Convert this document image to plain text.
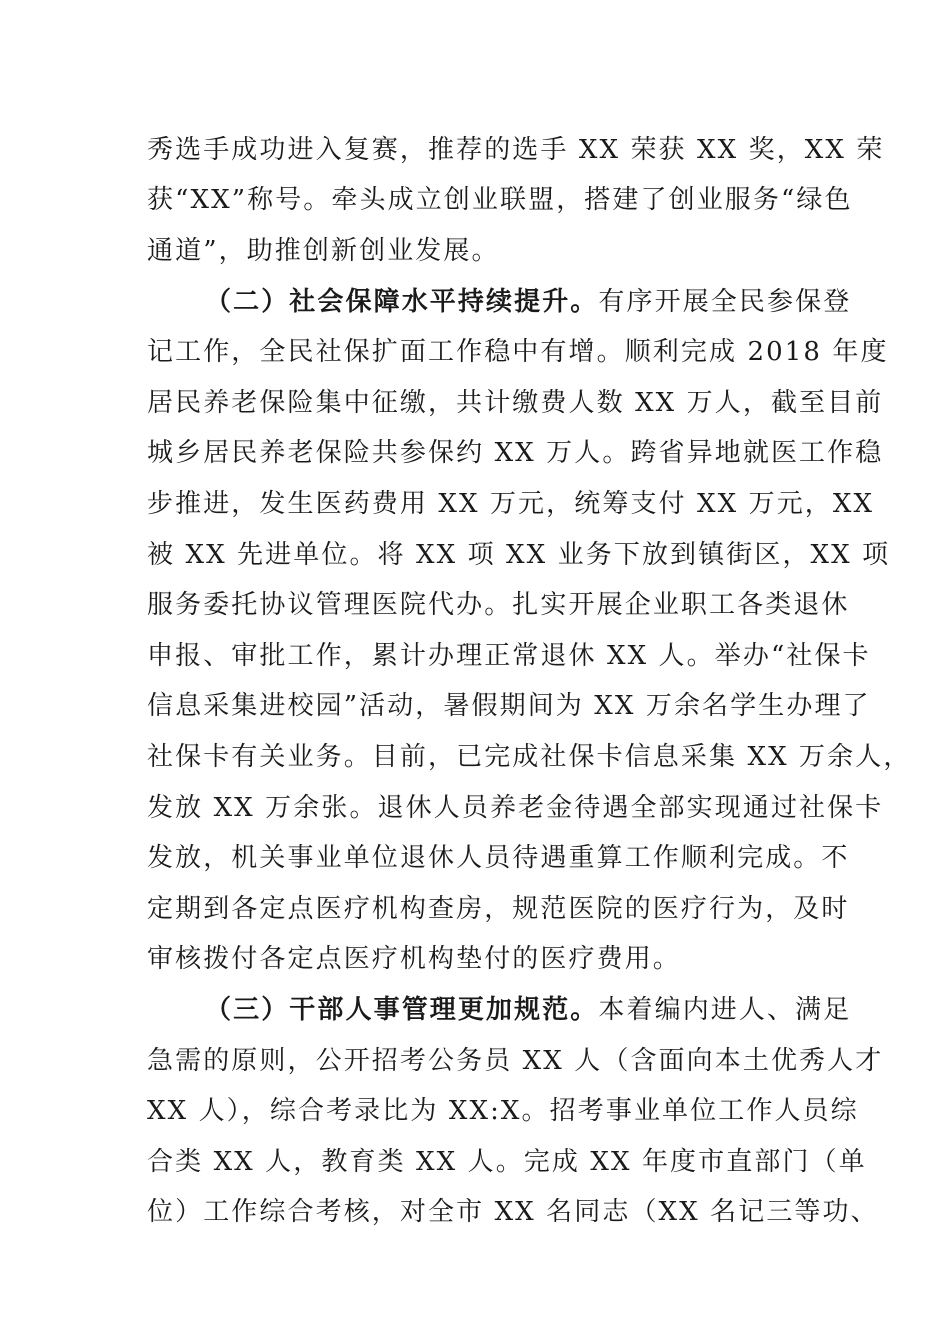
秀选手成功进入复赛，推荐的选手 XX 荣获 XX 奖，XX 荣
获“XX”称号。牵头成立创业联盟，搭建了创业服务“绿色
通道”，助推创新创业发展。
（二）社会保障水平持续提升。有序开展全民参保登
记工作，全民社保扩面工作稳中有增。顺利完成 2018 年度
居民养老保险集中征缴，共计缴费人数 XX 万人，截至目前
城乡居民养老保险共参保约 XX 万人。跨省异地就医工作稳
步推进，发生医药费用 XX 万元，统筹支付 XX 万元，XX
被 XX 先进单位。将 XX 项 XX 业务下放到镇街区，XX 项
服务委托协议管理医院代办。扎实开展企业职工各类退休
申报、审批工作，累计办理正常退休 XX 人。举办“社保卡
信息采集进校园”活动，暑假期间为 XX 万余名学生办理了
社保卡有关业务。目前，已完成社保卡信息采集 XX 万余人，
发放 XX 万余张。退休人员养老金待遇全部实现通过社保卡
发放，机关事业单位退休人员待遇重算工作顺利完成。不
定期到各定点医疗机构查房，规范医院的医疗行为，及时
审核拨付各定点医疗机构垫付的医疗费用。
（三）干部人事管理更加规范。本着编内进人、满足
急需的原则，公开招考公务员 XX 人（含面向本土优秀人才
XX 人），综合考录比为 XX:X。招考事业单位工作人员综
合类 XX 人，教育类 XX 人。完成 XX 年度市直部门（单
位）工作综合考核，对全市 XX 名同志（XX 名记三等功、
